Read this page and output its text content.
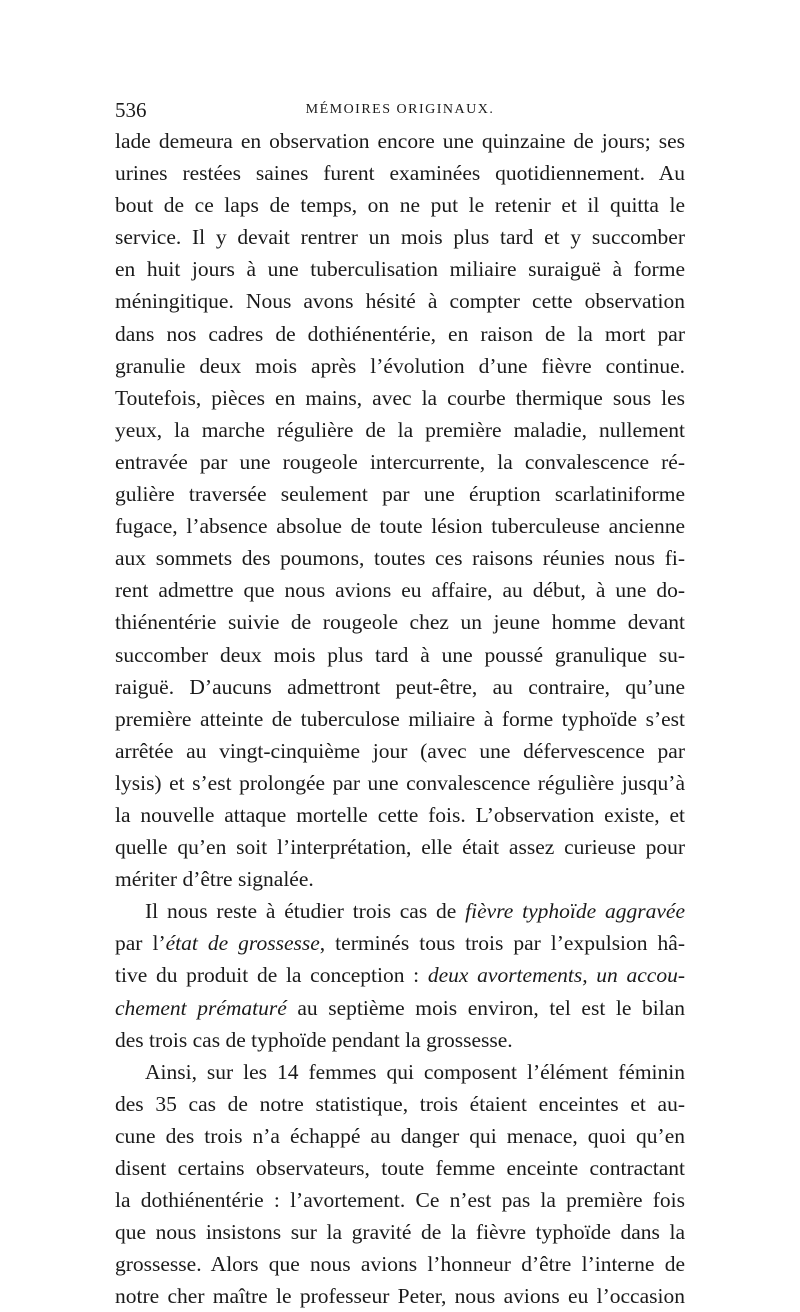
536	MÉMOIRES ORIGINAUX.
lade demeura en observation encore une quinzaine de jours; ses
urines restées saines furent examinées quotidiennement. Au
bout de ce laps de temps, on ne put le retenir et il quitta le
service. Il y devait rentrer un mois plus tard et y succomber
en huit jours à une tuberculisation miliaire suraiguë à forme
méningitique. Nous avons hésité à compter cette observation
dans nos cadres de dothiénentérie, en raison de la mort par
granulie deux mois après l’évolution d’une fièvre continue.
Toutefois, pièces en mains, avec la courbe thermique sous les
yeux, la marche régulière de la première maladie, nullement
entravée par une rougeole intercurrente, la convalescence ré-
gulière traversée seulement par une éruption scarlatiniforme
fugace, l’absence absolue de toute lésion tuberculeuse ancienne
aux sommets des poumons, toutes ces raisons réunies nous fi-
rent admettre que nous avions eu affaire, au début, à une do-
thiénentérie suivie de rougeole chez un jeune homme devant
succomber deux mois plus tard à une poussé granulique su-
raiguë. D’aucuns admettront peut-être, au contraire, qu’une
première atteinte de tuberculose miliaire à forme typhoïde s’est
arrêtée au vingt-cinquième jour (avec une défervescence par
lysis) et s’est prolongée par une convalescence régulière jusqu’à
la nouvelle attaque mortelle cette fois. L’observation existe, et
quelle qu’en soit l’interprétation, elle était assez curieuse pour
mériter d’être signalée.
Il nous reste à étudier trois cas de fièvre typhoïde aggravée
par l’état de grossesse, terminés tous trois par l’expulsion hâ-
tive du produit de la conception : deux avortements, un accou-
chement prématuré au septième mois environ, tel est le bilan
des trois cas de typhoïde pendant la grossesse.
Ainsi, sur les 14 femmes qui composent l’élément féminin
des 35 cas de notre statistique, trois étaient enceintes et au-
cune des trois n’a échappé au danger qui menace, quoi qu’en
disent certains observateurs, toute femme enceinte contractant
la dothiénentérie : l’avortement. Ce n’est pas la première fois
que nous insistons sur la gravité de la fièvre typhoïde dans la
grossesse. Alors que nous avions l’honneur d’être l’interne de
notre cher maître le professeur Peter, nous avions eu l’occasion
